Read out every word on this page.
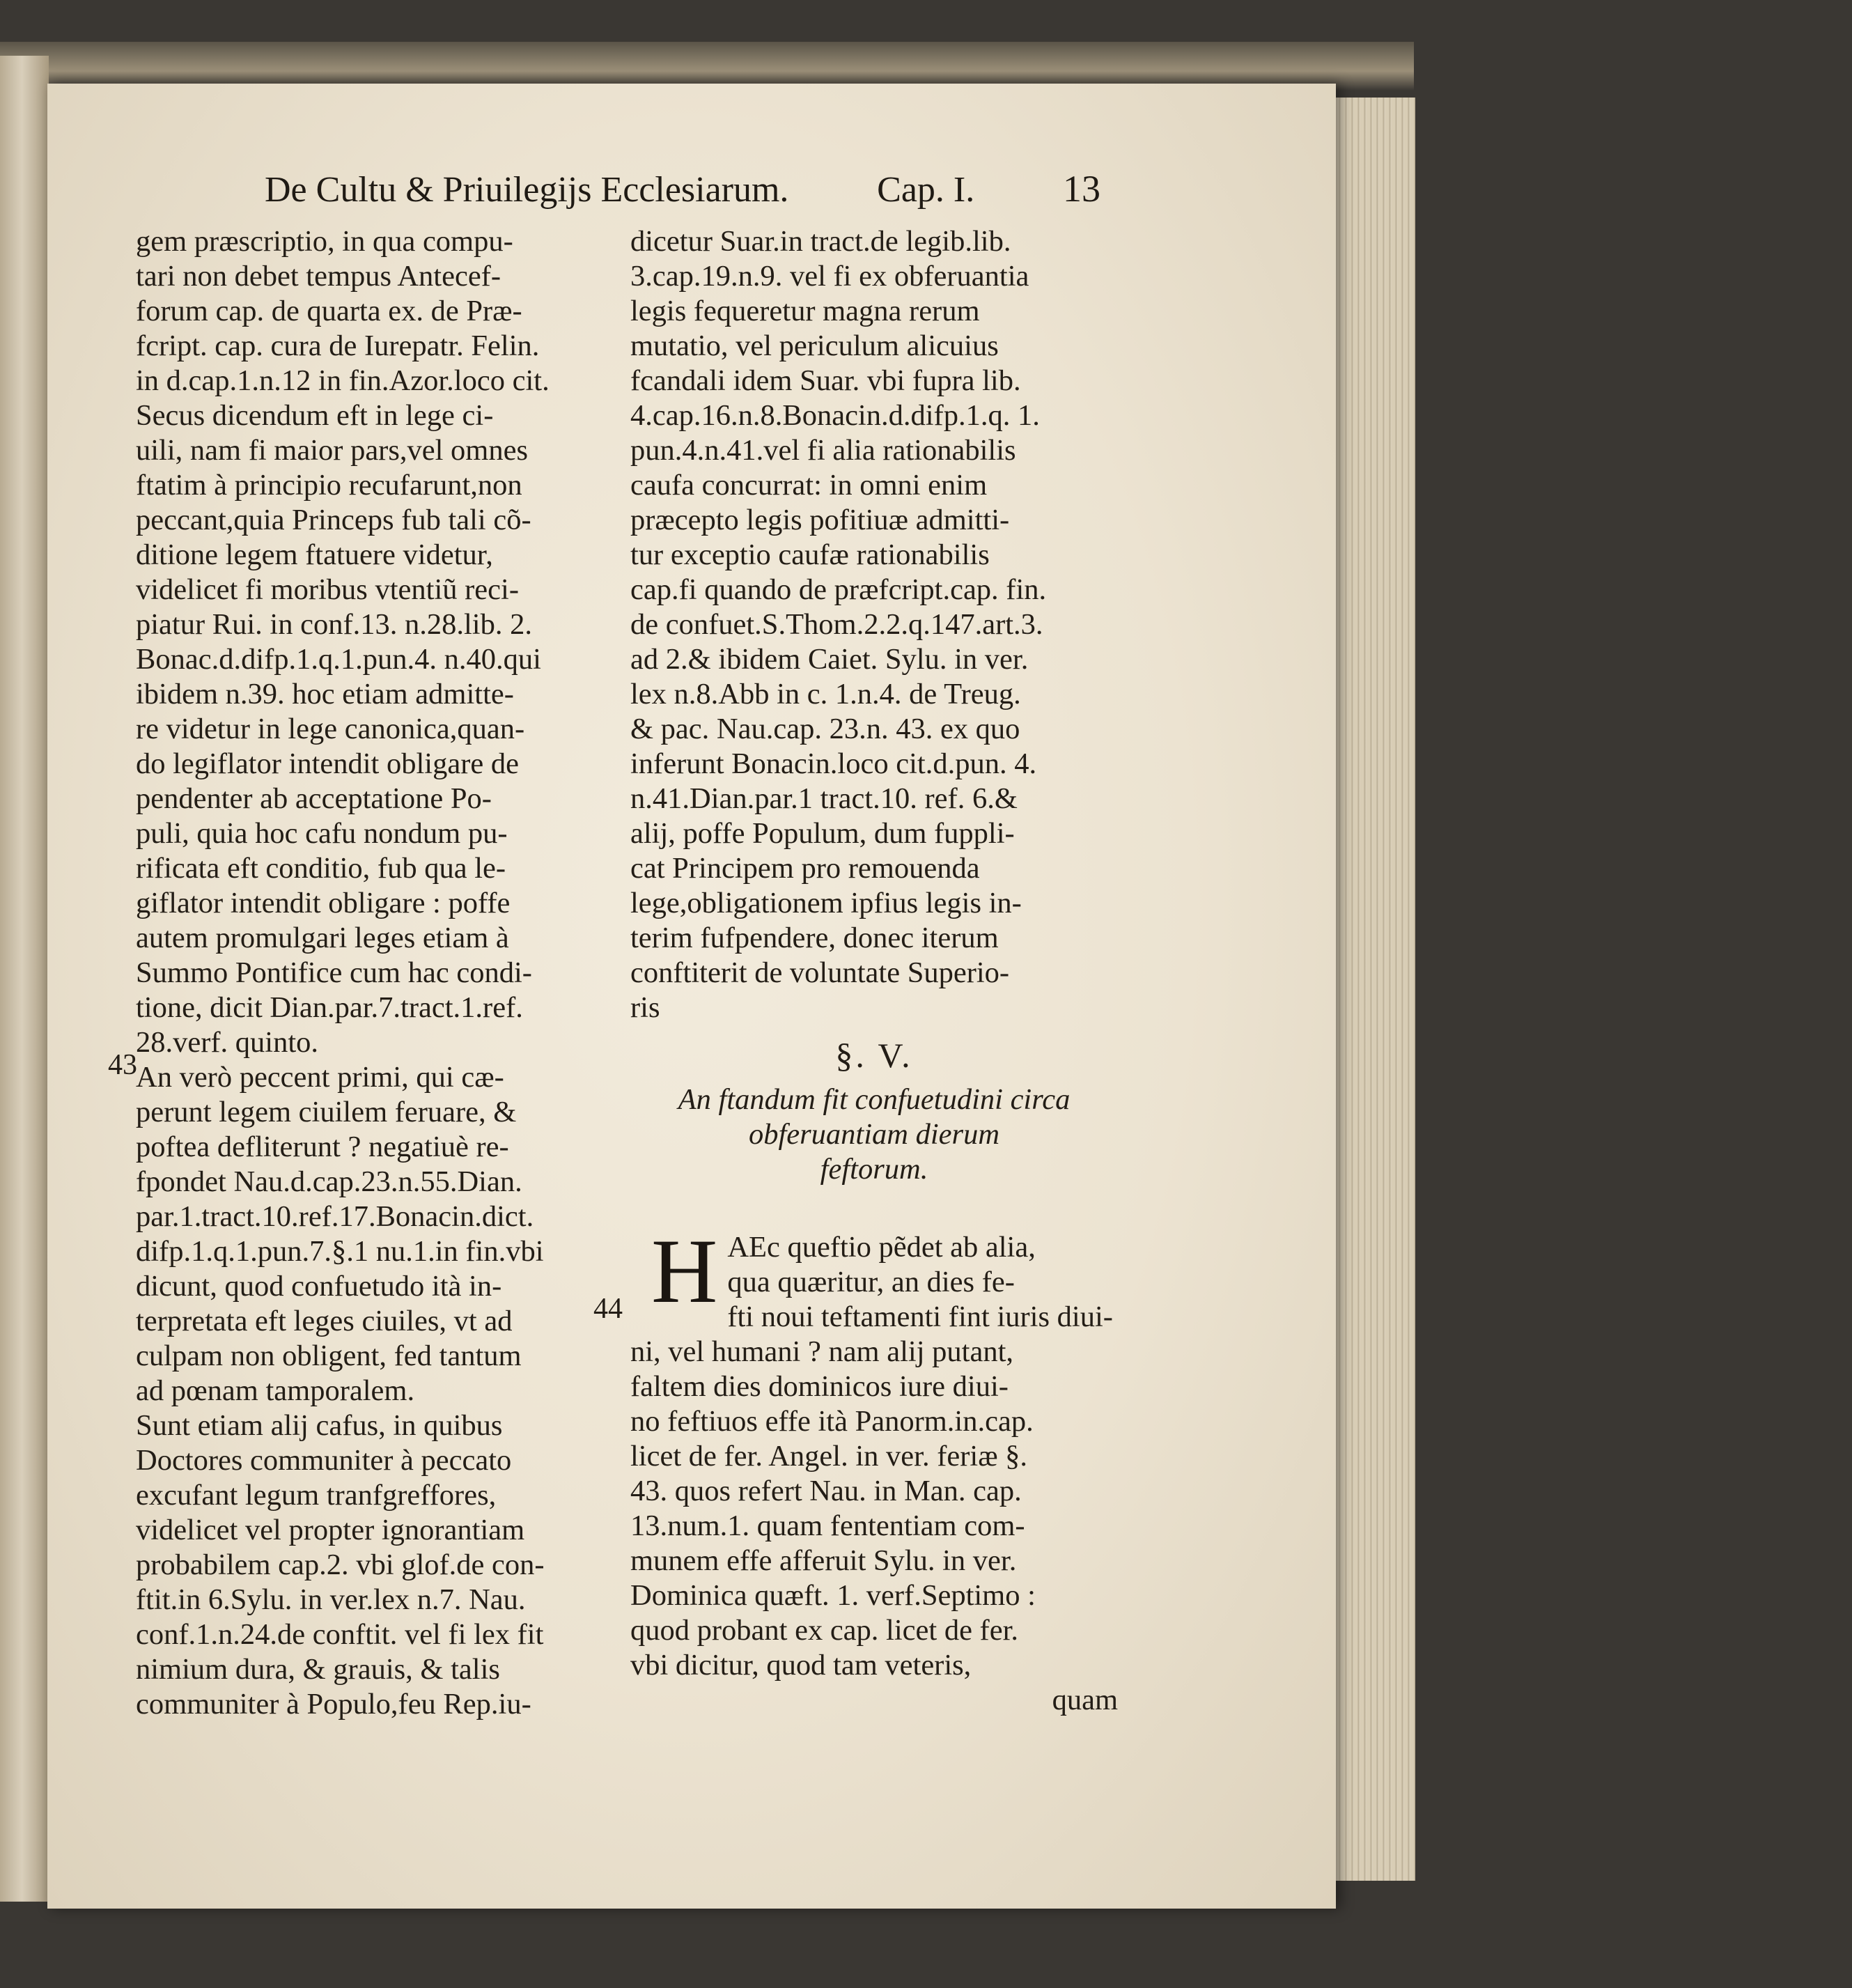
De Cultu & Priuilegijs Ecclesiarum. Cap. I. 13
43
44
gem præscriptio, in qua compu-
tari non debet tempus Antecef-
forum cap. de quarta ex. de Præ-
fcript. cap. cura de Iurepatr. Felin.
in d.cap.1.n.12 in fin.Azor.loco cit.
Secus dicendum eft in lege ci-
uili, nam fi maior pars,vel omnes
ftatim à principio recufarunt,non
peccant,quia Princeps fub tali cõ-
ditione legem ftatuere videtur,
videlicet fi moribus vtentiũ reci-
piatur Rui. in conf.13. n.28.lib. 2.
Bonac.d.difp.1.q.1.pun.4. n.40.qui
ibidem n.39. hoc etiam admitte-
re videtur in lege canonica,quan-
do legiflator intendit obligare de
pendenter ab acceptatione Po-
puli, quia hoc cafu nondum pu-
rificata eft conditio, fub qua le-
giflator intendit obligare : poffe
autem promulgari leges etiam à
Summo Pontifice cum hac condi-
tione, dicit Dian.par.7.tract.1.ref.
28.verf. quinto.
An verò peccent primi, qui cæ-
perunt legem ciuilem feruare, &
poftea defliterunt ? negatiuè re-
fpondet Nau.d.cap.23.n.55.Dian.
par.1.tract.10.ref.17.Bonacin.dict.
difp.1.q.1.pun.7.§.1 nu.1.in fin.vbi
dicunt, quod confuetudo ità in-
terpretata eft leges ciuiles, vt ad
culpam non obligent, fed tantum
ad pœnam tamporalem.
Sunt etiam alij cafus, in quibus
Doctores communiter à peccato
excufant legum tranfgreffores,
videlicet vel propter ignorantiam
probabilem cap.2. vbi glof.de con-
ftit.in 6.Sylu. in ver.lex n.7. Nau.
conf.1.n.24.de conftit. vel fi lex fit
nimium dura, & grauis, & talis
communiter à Populo,feu Rep.iu-
dicetur Suar.in tract.de legib.lib.
3.cap.19.n.9. vel fi ex obferuantia
legis fequeretur magna rerum
mutatio, vel periculum alicuius
fcandali idem Suar. vbi fupra lib.
4.cap.16.n.8.Bonacin.d.difp.1.q. 1.
pun.4.n.41.vel fi alia rationabilis
caufa concurrat: in omni enim
præcepto legis pofitiuæ admitti-
tur exceptio caufæ rationabilis
cap.fi quando de præfcript.cap. fin.
de confuet.S.Thom.2.2.q.147.art.3.
ad 2.& ibidem Caiet. Sylu. in ver.
lex n.8.Abb in c. 1.n.4. de Treug.
& pac. Nau.cap. 23.n. 43. ex quo
inferunt Bonacin.loco cit.d.pun. 4.
n.41.Dian.par.1 tract.10. ref. 6.&
alij, poffe Populum, dum fuppli-
cat Principem pro remouenda
lege,obligationem ipfius legis in-
terim fufpendere, donec iterum
conftiterit de voluntate Superio-
ris
§. V.
An ftandum fit confuetudini circa
obferuantiam dierum
feftorum.
H AEc queftio pẽdet ab alia,
qua quæritur, an dies fe-
fti noui teftamenti fint iuris diui-
ni, vel humani ? nam alij putant,
faltem dies dominicos iure diui-
no feftiuos effe ità Panorm.in.cap.
licet de fer. Angel. in ver. feriæ §.
43. quos refert Nau. in Man. cap.
13.num.1. quam fententiam com-
munem effe afferuit Sylu. in ver.
Dominica quæft. 1. verf.Septimo :
quod probant ex cap. licet de fer.
vbi dicitur, quod tam veteris,
quam
